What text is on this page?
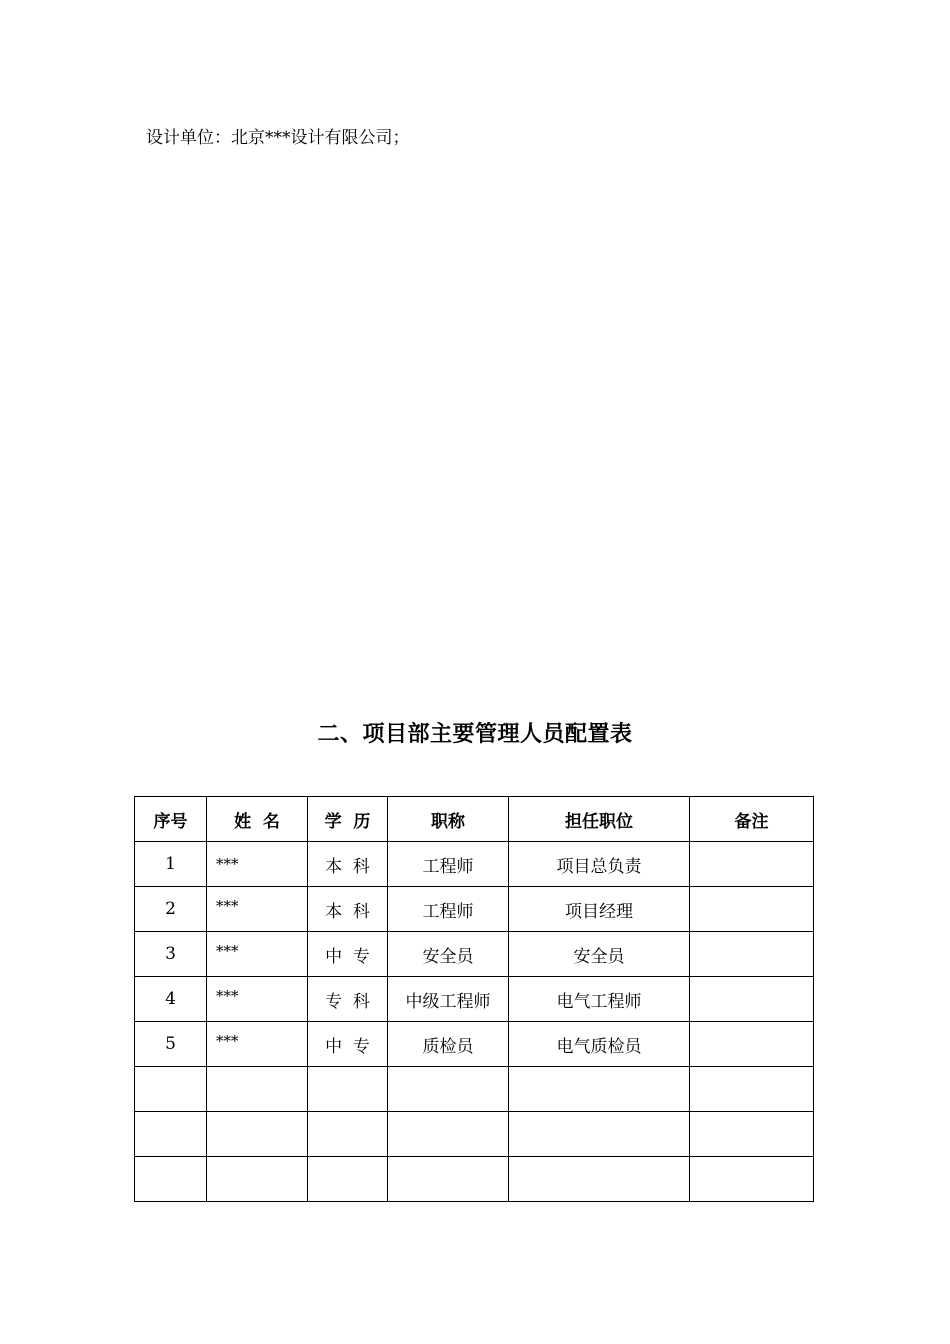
设计单位：北京***设计有限公司；
二、项目部主要管理人员配置表
序号	姓  名	学  历	职称	担任职位	备注
1	***	本  科	工程师	项目总负责	
2	***	本  科	工程师	项目经理	
3	***	中  专	安全员	安全员	
4	***	专  科	中级工程师	电气工程师	
5	***	中  专	质检员	电气质检员	
